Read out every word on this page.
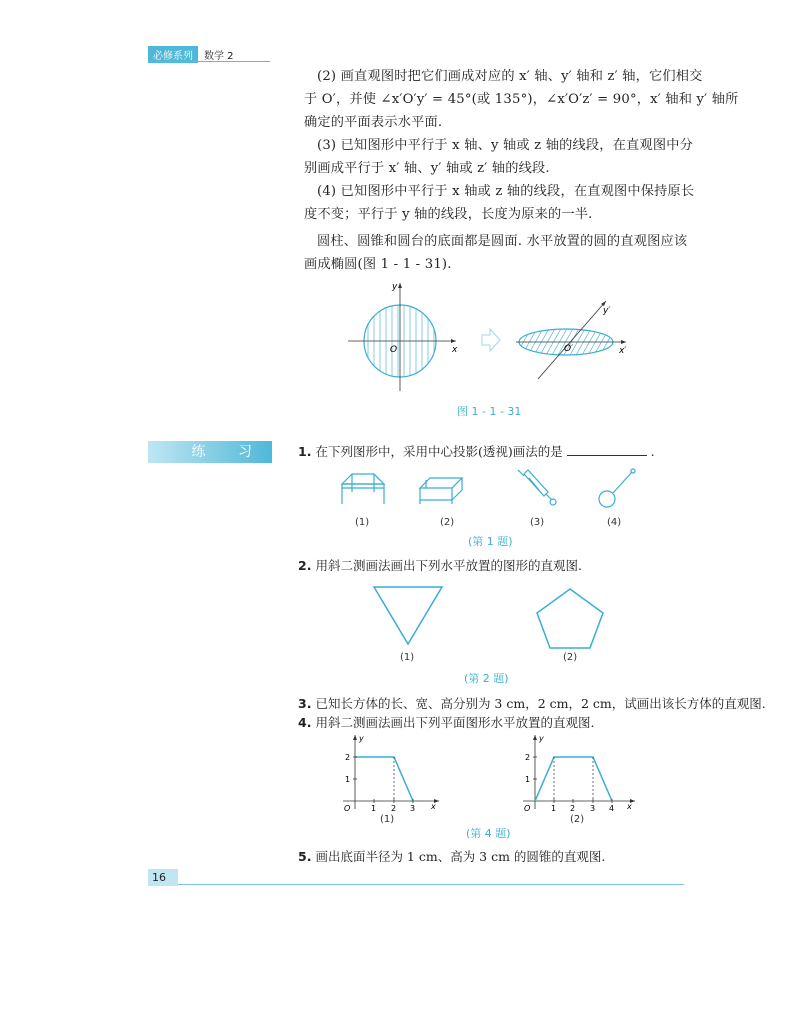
必修系列	数学 2

(2) 画直观图时把它们画成对应的 x′ 轴、y′ 轴和 z′ 轴，它们相交

于 O′，并使 ∠x′O′y′ = 45°(或 135°)，∠x′O′z′ = 90°，x′ 轴和 y′ 轴所

确定的平面表示水平面.

(3) 已知图形中平行于 x 轴、y 轴或 z 轴的线段，在直观图中分

别画成平行于 x′ 轴、y′ 轴或 z′ 轴的线段.

(4) 已知图形中平行于 x 轴或 z 轴的线段，在直观图中保持原长

度不变；平行于 y 轴的线段，长度为原来的一半.

圆柱、圆锥和圆台的底面都是圆面. 水平放置的圆的直观图应该

画成椭圆(图 1 - 1 - 31).

x
y
O	x′
y′
O′
图 1 - 1 - 31
练 习	1. 在下列图形中，采用中心投影(透视)画法的是	.
(1)	(2)	(3)	(4)
(第 1 题)
2. 用斜二测画法画出下列水平放置的图形的直观图.
(1)	(2)
(第 2 题)
3. 已知长方体的长、宽、高分别为 3 cm，2 cm，2 cm，试画出该长方体的直观图.
4. 用斜二测画法画出下列平面图形水平放置的直观图.
1 2 3
1
2
O	x
y
1 2 3 4
1
2
O	x
y
(1)	(2)
(第 4 题)
5. 画出底面半径为 1 cm、高为 3 cm 的圆锥的直观图.
16
